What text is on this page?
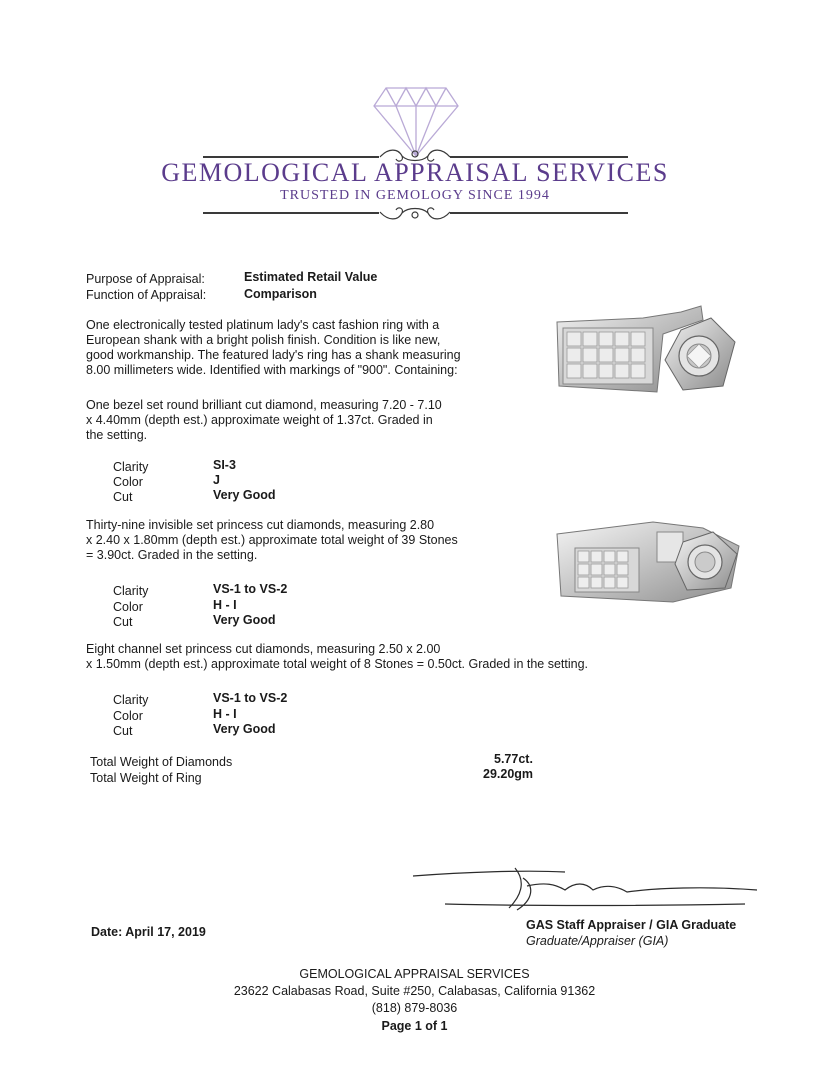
GEMOLOGICAL APPRAISAL SERVICES
TRUSTED IN GEMOLOGY SINCE 1994
Purpose of Appraisal:	Estimated Retail Value
Function of Appraisal:	Comparison
One electronically tested platinum lady's cast fashion ring with a
European shank with a bright polish finish. Condition is like new,
good workmanship. The featured lady's ring has a shank measuring
8.00 millimeters wide. Identified with markings of "900". Containing:
One bezel set round brilliant cut diamond, measuring 7.20 - 7.10
x 4.40mm (depth est.) approximate weight of 1.37ct. Graded in
the setting.
Clarity	SI-3
Color	J
Cut	Very Good
Thirty-nine invisible set princess cut diamonds, measuring 2.80
x 2.40 x 1.80mm (depth est.) approximate total weight of 39 Stones
= 3.90ct. Graded in the setting.
Clarity	VS-1 to VS-2
Color	H - I
Cut	Very Good
Eight channel set princess cut diamonds, measuring 2.50 x 2.00
x 1.50mm (depth est.) approximate total weight of 8 Stones = 0.50ct. Graded in the setting.
Clarity	VS-1 to VS-2
Color	H - I
Cut	Very Good
Total Weight of Diamonds	5.77ct.
Total Weight of Ring	29.20gm
Date: April 17, 2019	GAS Staff Appraiser / GIA Graduate
Graduate/Appraiser (GIA)
GEMOLOGICAL APPRAISAL SERVICES
23622 Calabasas Road, Suite #250, Calabasas, California 91362
(818) 879-8036
Page 1 of 1
